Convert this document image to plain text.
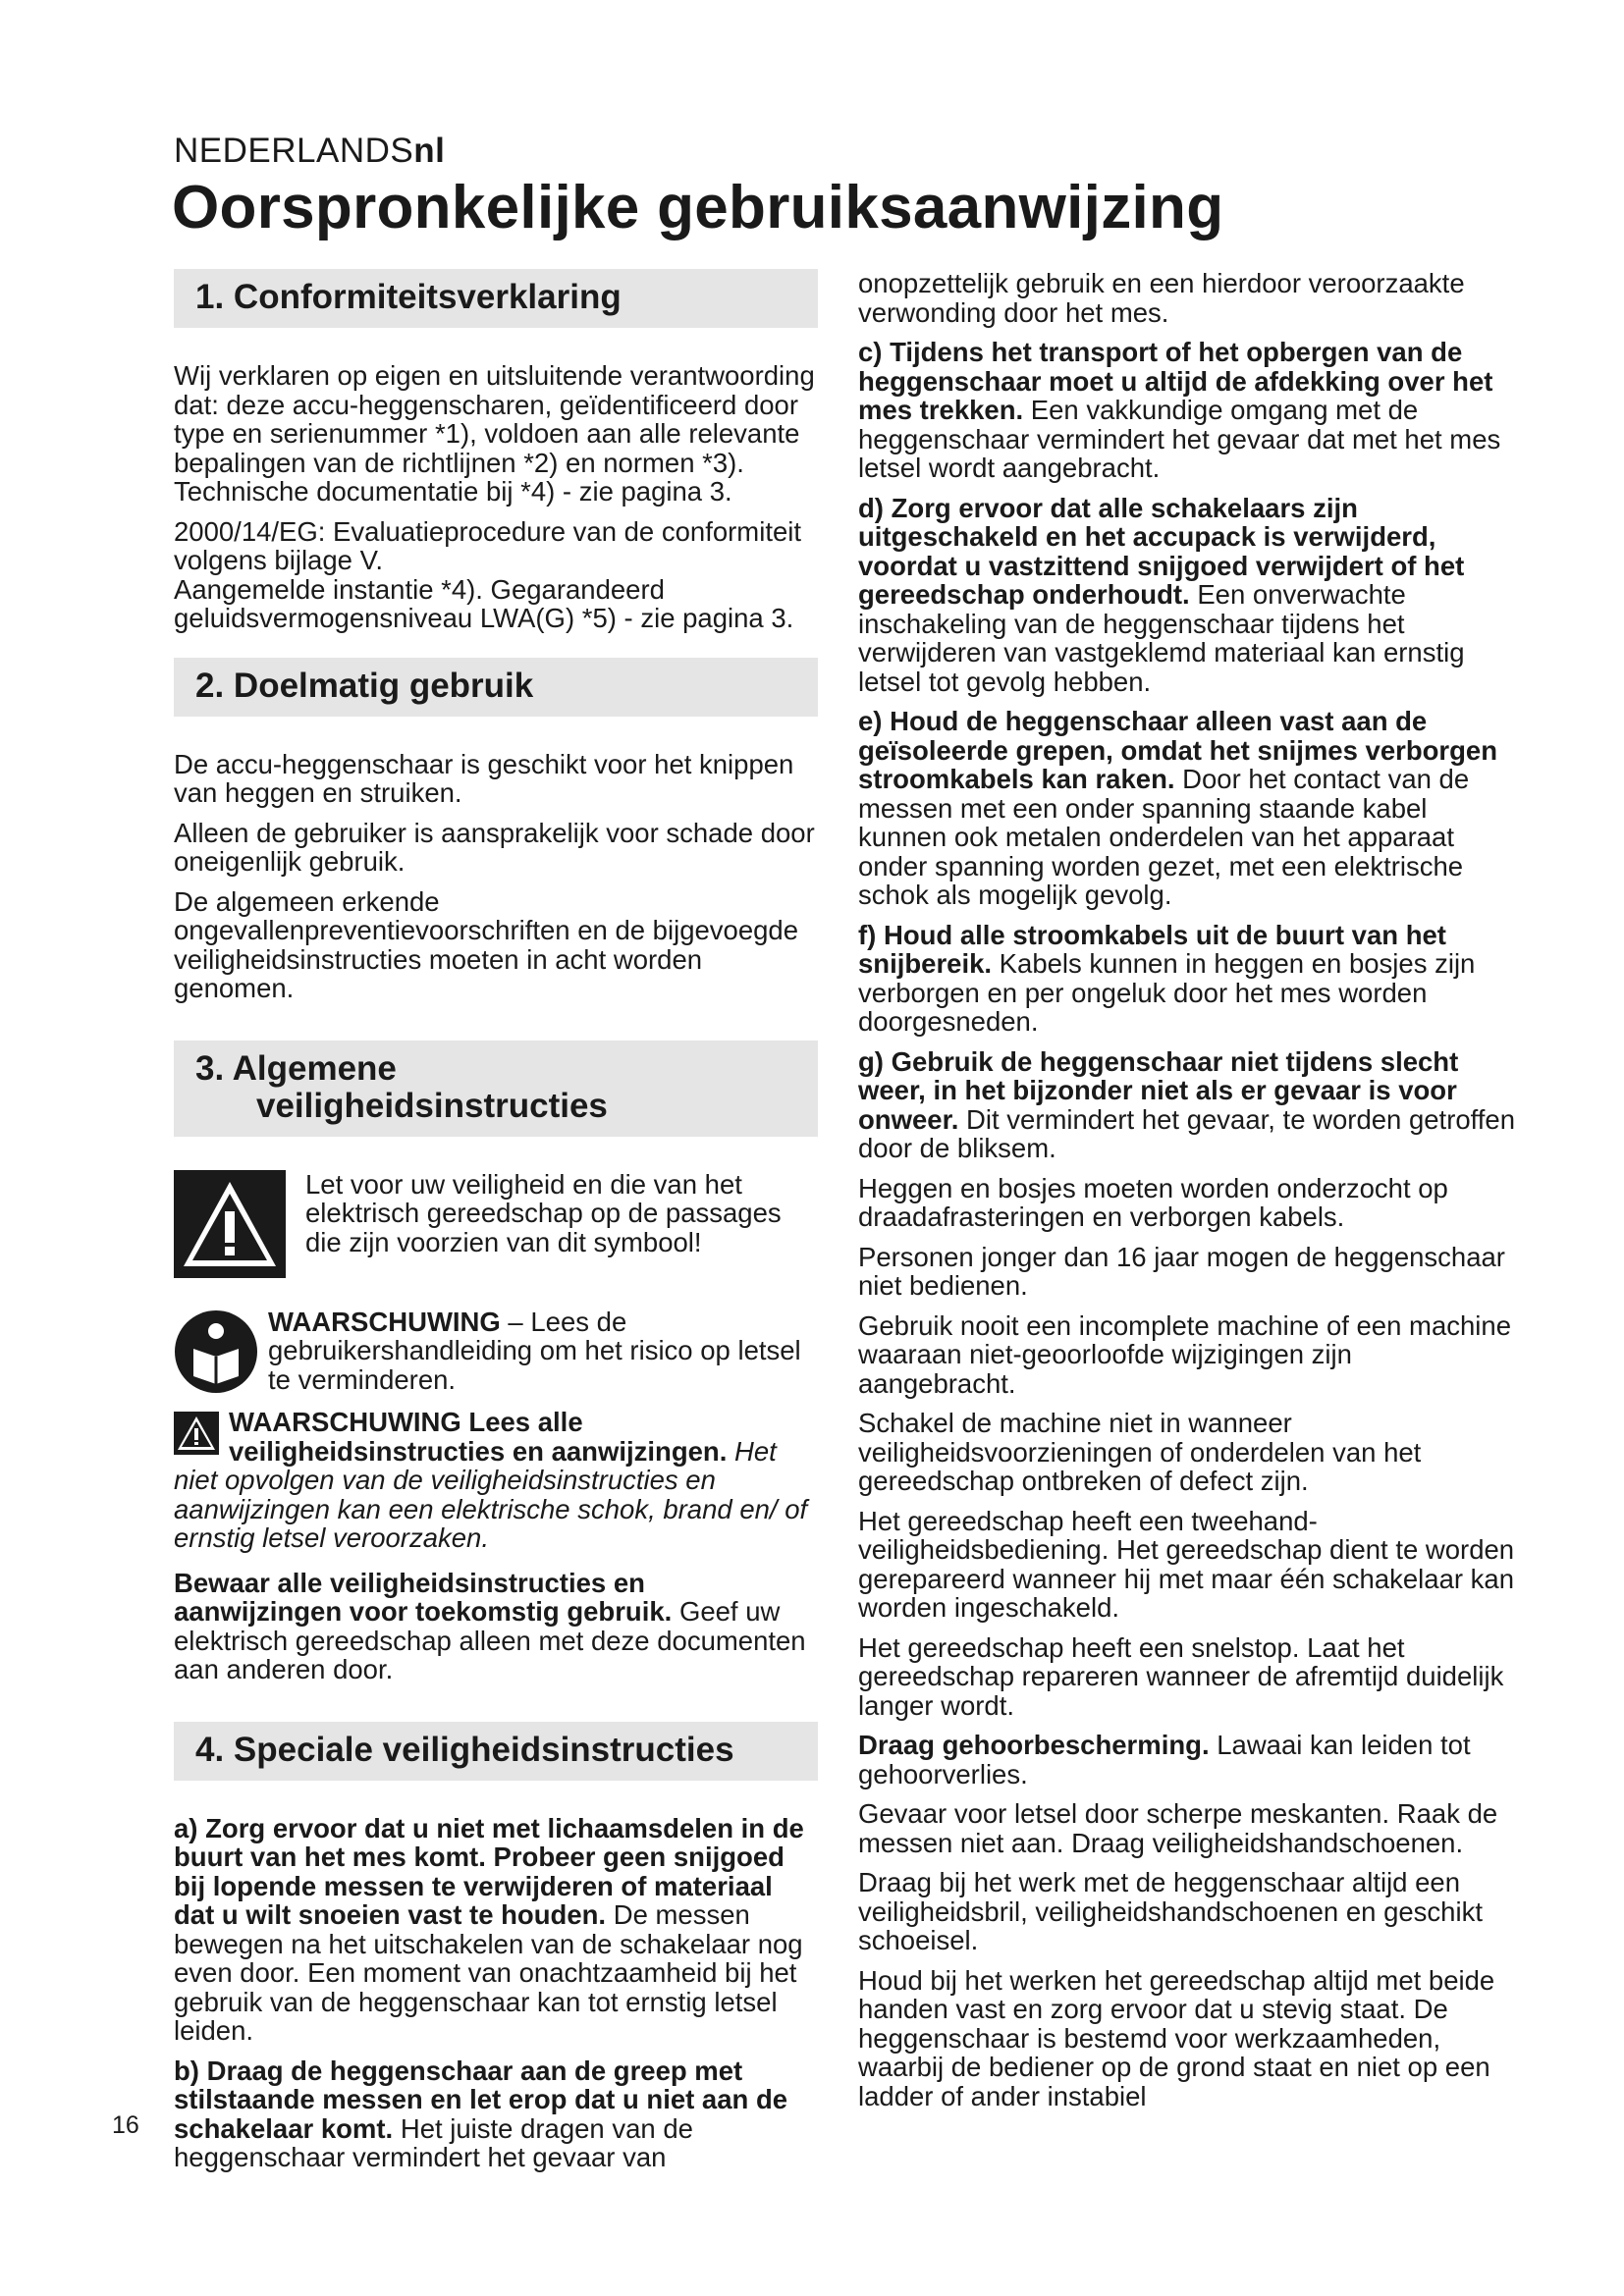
NEDERLANDSnl
Oorspronkelijke gebruiksaanwijzing
1. Conformiteitsverklaring

Wij verklaren op eigen en uitsluitende verantwoording dat: deze accu-heggenscharen, geïdentificeerd door type en serienummer *1), voldoen aan alle relevante bepalingen van de richtlijnen *2) en normen *3). Technische documentatie bij *4) - zie pagina 3.

2000/14/EG: Evaluatieprocedure van de conformiteit volgens bijlage V.

Aangemelde instantie *4). Gegarandeerd geluidsvermogensniveau LWA(G) *5) - zie pagina 3.

2. Doelmatig gebruik

De accu-heggenschaar is geschikt voor het knippen van heggen en struiken.

Alleen de gebruiker is aansprakelijk voor schade door oneigenlijk gebruik.

De algemeen erkende ongevallenpreventievoorschriften en de bijgevoegde veiligheidsinstructies moeten in acht worden genomen.

3. Algemene
veiligheidsinstructies
Let voor uw veiligheid en die van het elektrisch gereedschap op de passages die zijn voorzien van dit symbool!
WAARSCHUWING – Lees de gebruikershandleiding om het risico op letsel te verminderen.

WAARSCHUWING Lees alle veiligheidsinstructies en aanwijzingen. Het niet opvolgen van de veiligheidsinstructies en aanwijzingen kan een elektrische schok, brand en/ of ernstig letsel veroorzaken.

Bewaar alle veiligheidsinstructies en aanwijzingen voor toekomstig gebruik. Geef uw elektrisch gereedschap alleen met deze documenten aan anderen door.

4. Speciale veiligheidsinstructies

a) Zorg ervoor dat u niet met lichaamsdelen in de buurt van het mes komt. Probeer geen snijgoed bij lopende messen te verwijderen of materiaal dat u wilt snoeien vast te houden. De messen bewegen na het uitschakelen van de schakelaar nog even door. Een moment van onachtzaamheid bij het gebruik van de heggenschaar kan tot ernstig letsel leiden.

b) Draag de heggenschaar aan de greep met stilstaande messen en let erop dat u niet aan de schakelaar komt. Het juiste dragen van de heggenschaar vermindert het gevaar van

onopzettelijk gebruik en een hierdoor veroorzaakte verwonding door het mes.

c) Tijdens het transport of het opbergen van de heggenschaar moet u altijd de afdekking over het mes trekken. Een vakkundige omgang met de heggenschaar vermindert het gevaar dat met het mes letsel wordt aangebracht.

d) Zorg ervoor dat alle schakelaars zijn uitgeschakeld en het accupack is verwijderd, voordat u vastzittend snijgoed verwijdert of het gereedschap onderhoudt. Een onverwachte inschakeling van de heggenschaar tijdens het verwijderen van vastgeklemd materiaal kan ernstig letsel tot gevolg hebben.

e) Houd de heggenschaar alleen vast aan de geïsoleerde grepen, omdat het snijmes verborgen stroomkabels kan raken. Door het contact van de messen met een onder spanning staande kabel kunnen ook metalen onderdelen van het apparaat onder spanning worden gezet, met een elektrische schok als mogelijk gevolg.

f) Houd alle stroomkabels uit de buurt van het snijbereik. Kabels kunnen in heggen en bosjes zijn verborgen en per ongeluk door het mes worden doorgesneden.

g) Gebruik de heggenschaar niet tijdens slecht weer, in het bijzonder niet als er gevaar is voor onweer. Dit vermindert het gevaar, te worden getroffen door de bliksem.

Heggen en bosjes moeten worden onderzocht op draadafrasteringen en verborgen kabels.

Personen jonger dan 16 jaar mogen de heggenschaar niet bedienen.

Gebruik nooit een incomplete machine of een machine waaraan niet-geoorloofde wijzigingen zijn aangebracht.

Schakel de machine niet in wanneer veiligheidsvoorzieningen of onderdelen van het gereedschap ontbreken of defect zijn.

Het gereedschap heeft een tweehand-veiligheidsbediening. Het gereedschap dient te worden gerepareerd wanneer hij met maar één schakelaar kan worden ingeschakeld.

Het gereedschap heeft een snelstop. Laat het gereedschap repareren wanneer de afremtijd duidelijk langer wordt.

Draag gehoorbescherming. Lawaai kan leiden tot gehoorverlies.

Gevaar voor letsel door scherpe meskanten. Raak de messen niet aan. Draag veiligheidshandschoenen.

Draag bij het werk met de heggenschaar altijd een veiligheidsbril, veiligheidshandschoenen en geschikt schoeisel.

Houd bij het werken het gereedschap altijd met beide handen vast en zorg ervoor dat u stevig staat. De heggenschaar is bestemd voor werkzaamheden, waarbij de bediener op de grond staat en niet op een ladder of ander instabiel

16
